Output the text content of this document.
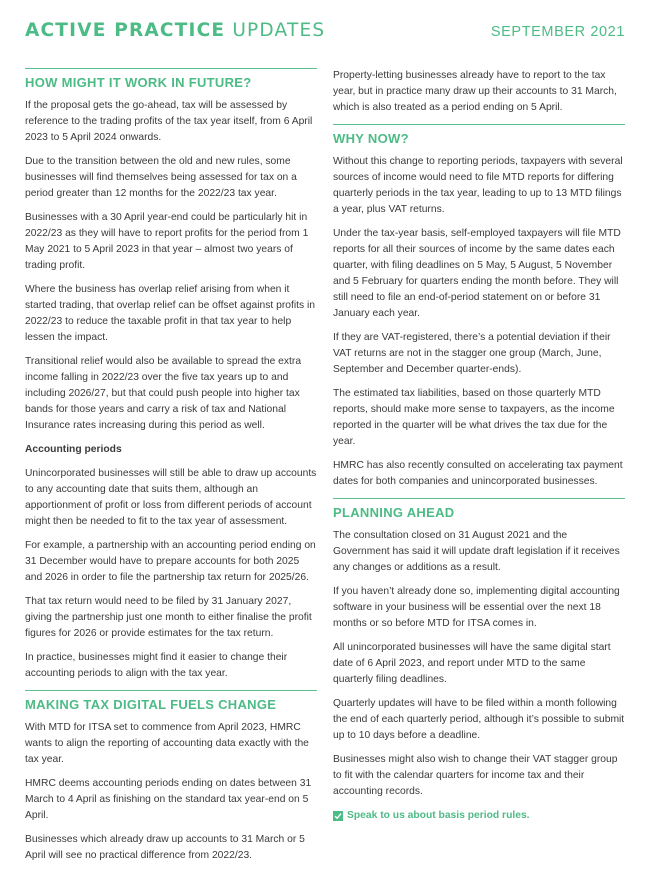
ACTIVE PRACTICE UPDATES	SEPTEMBER 2021
HOW MIGHT IT WORK IN FUTURE?

If the proposal gets the go-ahead, tax will be assessed by reference to the trading profits of the tax year itself, from 6 April 2023 to 5 April 2024 onwards.

Due to the transition between the old and new rules, some businesses will find themselves being assessed for tax on a period greater than 12 months for the 2022/23 tax year.

Businesses with a 30 April year-end could be particularly hit in 2022/23 as they will have to report profits for the period from 1 May 2021 to 5 April 2023 in that year – almost two years of trading profit.

Where the business has overlap relief arising from when it started trading, that overlap relief can be offset against profits in 2022/23 to reduce the taxable profit in that tax year to help lessen the impact.

Transitional relief would also be available to spread the extra income falling in 2022/23 over the five tax years up to and including 2026/27, but that could push people into higher tax bands for those years and carry a risk of tax and National Insurance rates increasing during this period as well.

Accounting periods

Unincorporated businesses will still be able to draw up accounts to any accounting date that suits them, although an apportionment of profit or loss from different periods of account might then be needed to fit to the tax year of assessment.

For example, a partnership with an accounting period ending on 31 December would have to prepare accounts for both 2025 and 2026 in order to file the partnership tax return for 2025/26.

That tax return would need to be filed by 31 January 2027, giving the partnership just one month to either finalise the profit figures for 2026 or provide estimates for the tax return.

In practice, businesses might find it easier to change their accounting periods to align with the tax year.

MAKING TAX DIGITAL FUELS CHANGE

With MTD for ITSA set to commence from April 2023, HMRC wants to align the reporting of accounting data exactly with the tax year.

HMRC deems accounting periods ending on dates between 31 March to 4 April as finishing on the standard tax year-end on 5 April.

Businesses which already draw up accounts to 31 March or 5 April will see no practical difference from 2022/23.

Property-letting businesses already have to report to the tax year, but in practice many draw up their accounts to 31 March, which is also treated as a period ending on 5 April.

WHY NOW?

Without this change to reporting periods, taxpayers with several sources of income would need to file MTD reports for differing quarterly periods in the tax year, leading to up to 13 MTD filings a year, plus VAT returns.

Under the tax-year basis, self-employed taxpayers will file MTD reports for all their sources of income by the same dates each quarter, with filing deadlines on 5 May, 5 August, 5 November and 5 February for quarters ending the month before. They will still need to file an end-of-period statement on or before 31 January each year.

If they are VAT-registered, there’s a potential deviation if their VAT returns are not in the stagger one group (March, June, September and December quarter-ends).

The estimated tax liabilities, based on those quarterly MTD reports, should make more sense to taxpayers, as the income reported in the quarter will be what drives the tax due for the year.

HMRC has also recently consulted on accelerating tax payment dates for both companies and unincorporated businesses.

PLANNING AHEAD

The consultation closed on 31 August 2021 and the Government has said it will update draft legislation if it receives any changes or additions as a result.

If you haven’t already done so, implementing digital accounting software in your business will be essential over the next 18 months or so before MTD for ITSA comes in.

All unincorporated businesses will have the same digital start date of 6 April 2023, and report under MTD to the same quarterly filing deadlines.

Quarterly updates will have to be filed within a month following the end of each quarterly period, although it’s possible to submit up to 10 days before a deadline.

Businesses might also wish to change their VAT stagger group to fit with the calendar quarters for income tax and their accounting records.

Speak to us about basis period rules.
